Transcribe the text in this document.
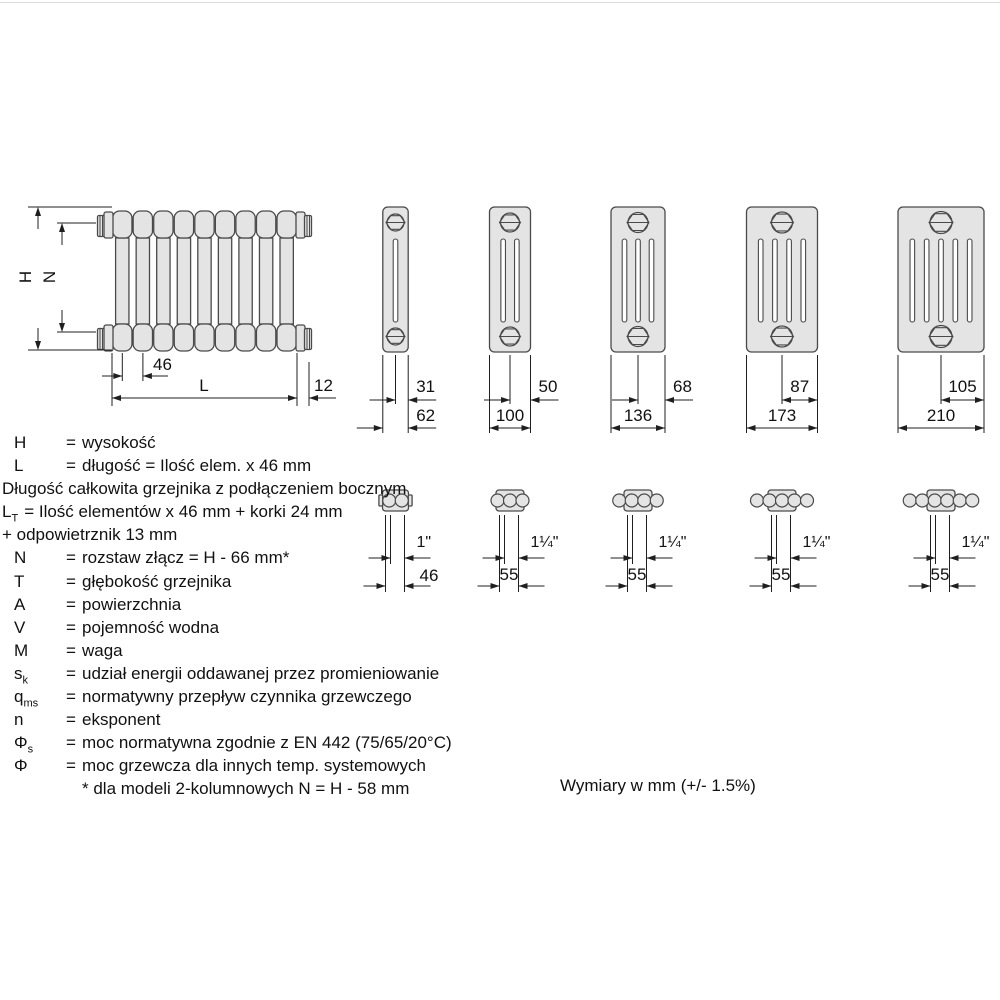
H N
46
L	12	31
62
1"
46
50
100
1¼"
55
68
136
1¼"
55
87
173
1¼"
55
105
210
1¼"
55
H = wysokość
L	= długość = Ilość elem. x 46 mm
Długość całkowita grzejnika z podłączeniem bocznym
$L_T$ = Ilość elementów x 46 mm + korki 24 mm
+ odpowietrznik 13 mm
N = rozstaw złącz = H - 66 mm*
T = głębokość grzejnika
A = powierzchnia
V = pojemność wodna
M = waga
$s_k$ = udział energii oddawanej przez promieniowanie
$q_{ms}$ = normatywny przepływ czynnika grzewczego
n	= eksponent
$\Phi_s$ = moc normatywna zgodnie z EN 442 (75/65/20°C)
Φ = moc grzewcza dla innych temp. systemowych
* dla modeli 2-kolumnowych N = H - 58 mm	Wymiary w mm (+/- 1.5%)
